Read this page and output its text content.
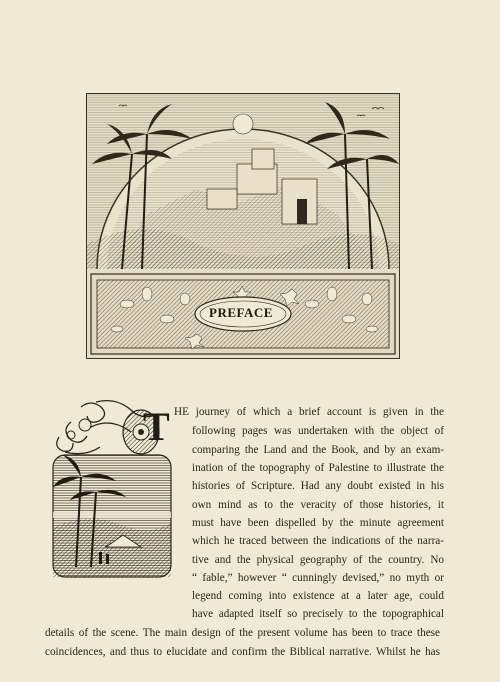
PREFACE
T HE journey of which a brief account is given in the
following pages was undertaken with the object of
comparing the Land and the Book, and by an exam-
ination of the topography of Palestine to illustrate the
histories of Scripture. Had any doubt existed in his
own mind as to the veracity of those histories, it
must have been dispelled by the minute agreement
which he traced between the indications of the narra-
tive and the physical geography of the country. No
“ fable,” however “ cunningly devised,” no myth or
legend coming into existence at a later age, could
have adapted itself so precisely to the topographical
details of the scene. The main design of the present volume has been to trace these
coincidences, and thus to elucidate and confirm the Biblical narrative. Whilst he has
